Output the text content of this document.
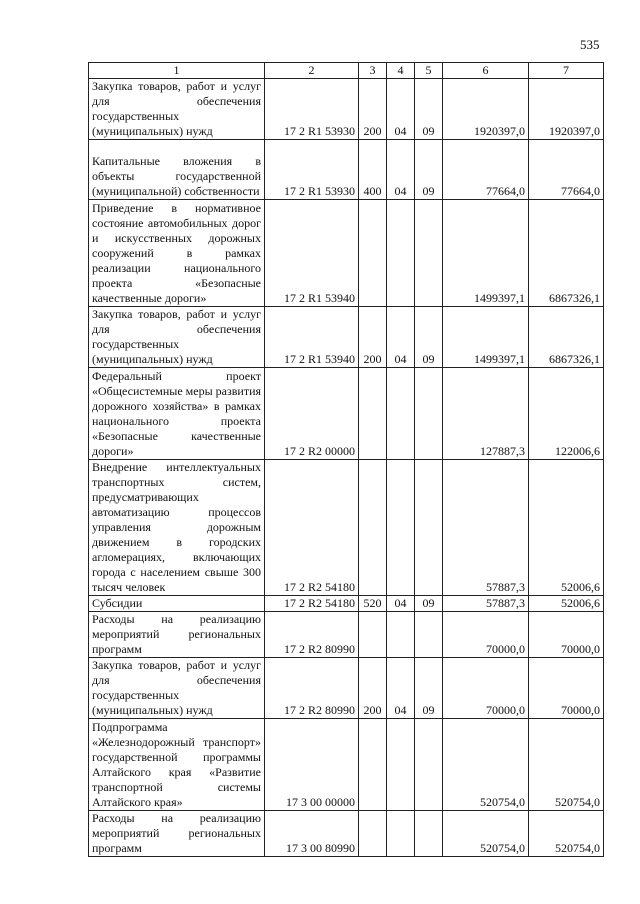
535
1	2	3	4	5	6	7
Закупка товаров, работ и услуг для обеспечения государственных (муниципальных) нужд	17 2 R1 53930	200	04	09	1920397,0	1920397,0
Капитальные вложения в объекты государственной (муниципальной) собственности	17 2 R1 53930	400	04	09	77664,0	77664,0
Приведение в нормативное состояние автомобильных дорог и искусственных дорожных сооружений в рамках реализации национального проекта «Безопасные качественные дороги»	17 2 R1 53940				1499397,1	6867326,1
Закупка товаров, работ и услуг для обеспечения государственных (муниципальных) нужд	17 2 R1 53940	200	04	09	1499397,1	6867326,1
Федеральный проект «Общесистемные меры развития дорожного хозяйства» в рамках национального проекта «Безопасные качественные дороги»	17 2 R2 00000				127887,3	122006,6
Внедрение интеллектуальных транспортных систем, предусматривающих автоматизацию процессов управления дорожным движением в городских агломерациях, включающих города с населением свыше 300 тысяч человек	17 2 R2 54180				57887,3	52006,6
Субсидии	17 2 R2 54180	520	04	09	57887,3	52006,6
Расходы на реализацию мероприятий региональных программ	17 2 R2 80990				70000,0	70000,0
Закупка товаров, работ и услуг для обеспечения государственных (муниципальных) нужд	17 2 R2 80990	200	04	09	70000,0	70000,0
Подпрограмма «Железнодорожный транспорт» государственной программы Алтайского края «Развитие транспортной системы Алтайского края»	17 3 00 00000				520754,0	520754,0
Расходы на реализацию мероприятий региональных программ	17 3 00 80990				520754,0	520754,0
